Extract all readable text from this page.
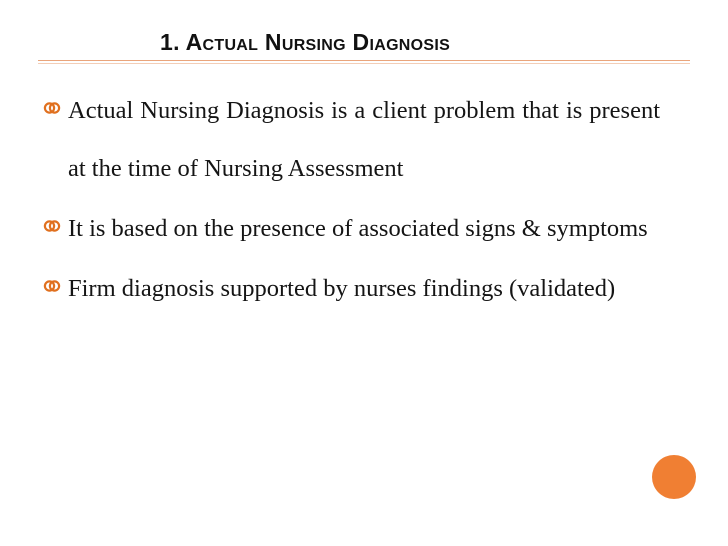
1. Actual Nursing Diagnosis
Actual Nursing Diagnosis is a client problem that is present at the time of Nursing Assessment
It is based on the presence of associated signs & symptoms
Firm diagnosis supported by nurses findings (validated)
